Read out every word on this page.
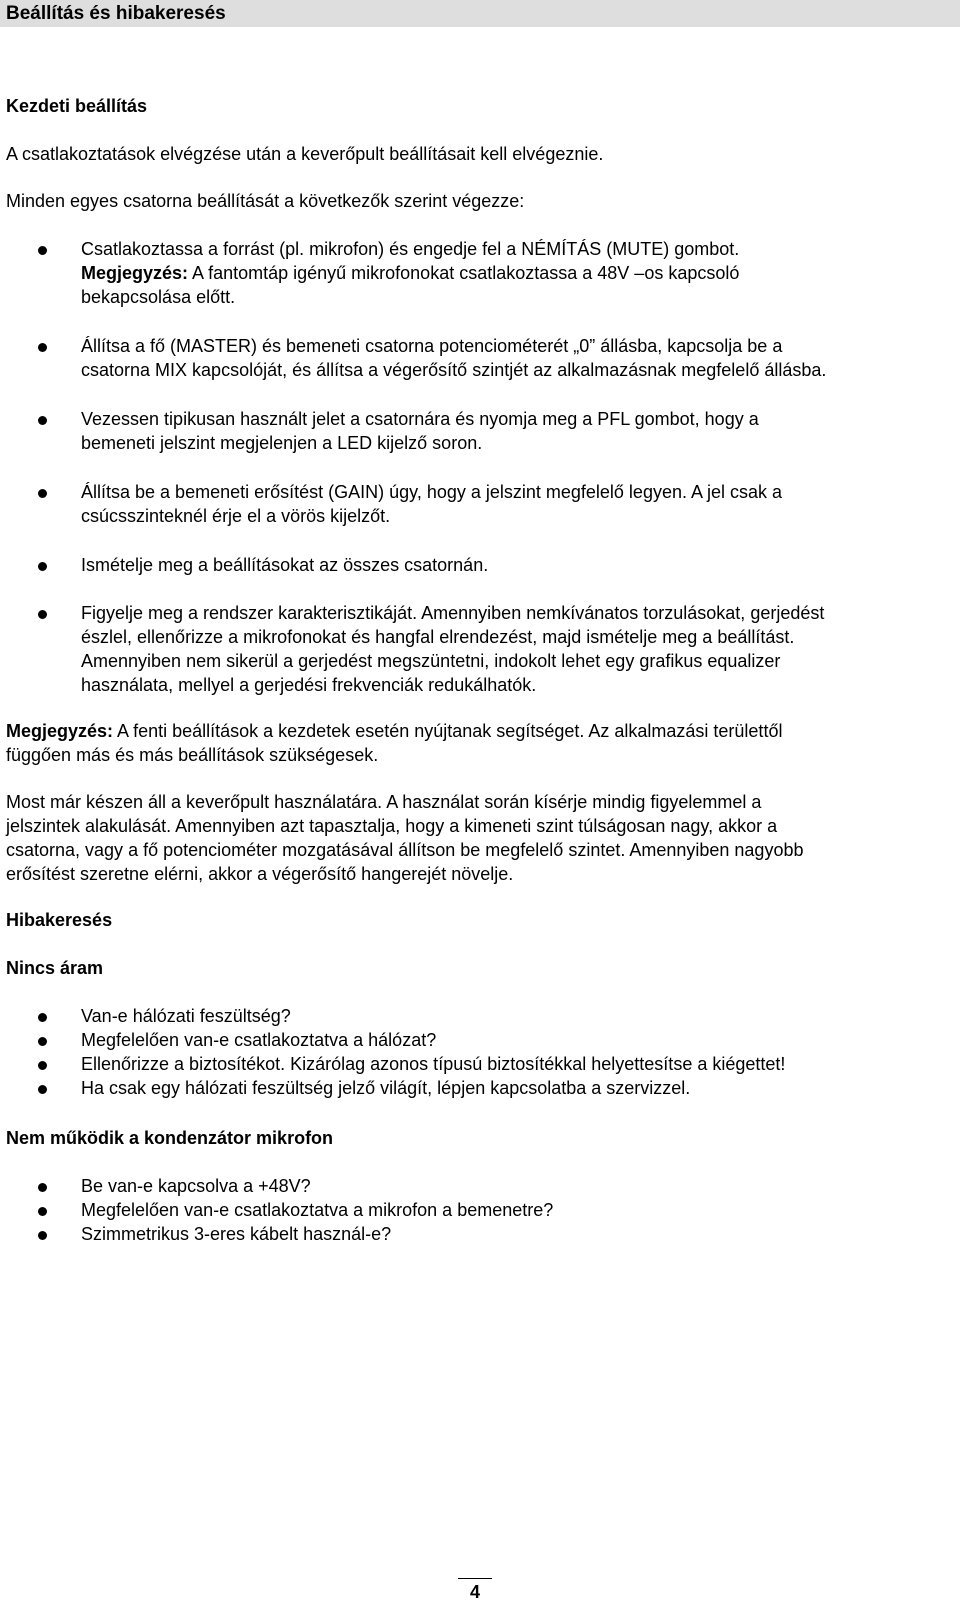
Beállítás és hibakeresés
Kezdeti beállítás
A csatlakoztatások elvégzése után a keverőpult beállításait kell elvégeznie.
Minden egyes csatorna beállítását a következők szerint végezze:
Csatlakoztassa a forrást (pl. mikrofon) és engedje fel a NÉMÍTÁS (MUTE) gombot.
Megjegyzés: A fantomtáp igényű mikrofonokat csatlakoztassa a 48V –os kapcsoló
bekapcsolása előtt.
Állítsa a fő (MASTER) és bemeneti csatorna potenciométerét „0” állásba, kapcsolja be a
csatorna MIX kapcsolóját, és állítsa a végerősítő szintjét az alkalmazásnak megfelelő állásba.
Vezessen tipikusan használt jelet a csatornára és nyomja meg a PFL gombot, hogy a
bemeneti jelszint megjelenjen a LED kijelző soron.
Állítsa be a bemeneti erősítést (GAIN) úgy, hogy a jelszint megfelelő legyen. A jel csak a
csúcsszinteknél érje el a vörös kijelzőt.
Ismételje meg a beállításokat az összes csatornán.
Figyelje meg a rendszer karakterisztikáját. Amennyiben nemkívánatos torzulásokat, gerjedést
észlel, ellenőrizze a mikrofonokat és hangfal elrendezést, majd ismételje meg a beállítást.
Amennyiben nem sikerül a gerjedést megszüntetni, indokolt lehet egy grafikus equalizer
használata, mellyel a gerjedési frekvenciák redukálhatók.
Megjegyzés: A fenti beállítások a kezdetek esetén nyújtanak segítséget. Az alkalmazási területtől
függően más és más beállítások szükségesek.
Most már készen áll a keverőpult használatára. A használat során kísérje mindig figyelemmel a
jelszintek alakulását. Amennyiben azt tapasztalja, hogy a kimeneti szint túlságosan nagy, akkor a
csatorna, vagy a fő potenciométer mozgatásával állítson be megfelelő szintet. Amennyiben nagyobb
erősítést szeretne elérni, akkor a végerősítő hangerejét növelje.
Hibakeresés
Nincs áram
Van-e hálózati feszültség?
Megfelelően van-e csatlakoztatva a hálózat?
Ellenőrizze a biztosítékot. Kizárólag azonos típusú biztosítékkal helyettesítse a kiégettet!
Ha csak egy hálózati feszültség jelző világít, lépjen kapcsolatba a szervizzel.
Nem működik a kondenzátor mikrofon
Be van-e kapcsolva a +48V?
Megfelelően van-e csatlakoztatva a mikrofon a bemenetre?
Szimmetrikus 3-eres kábelt használ-e?
4
